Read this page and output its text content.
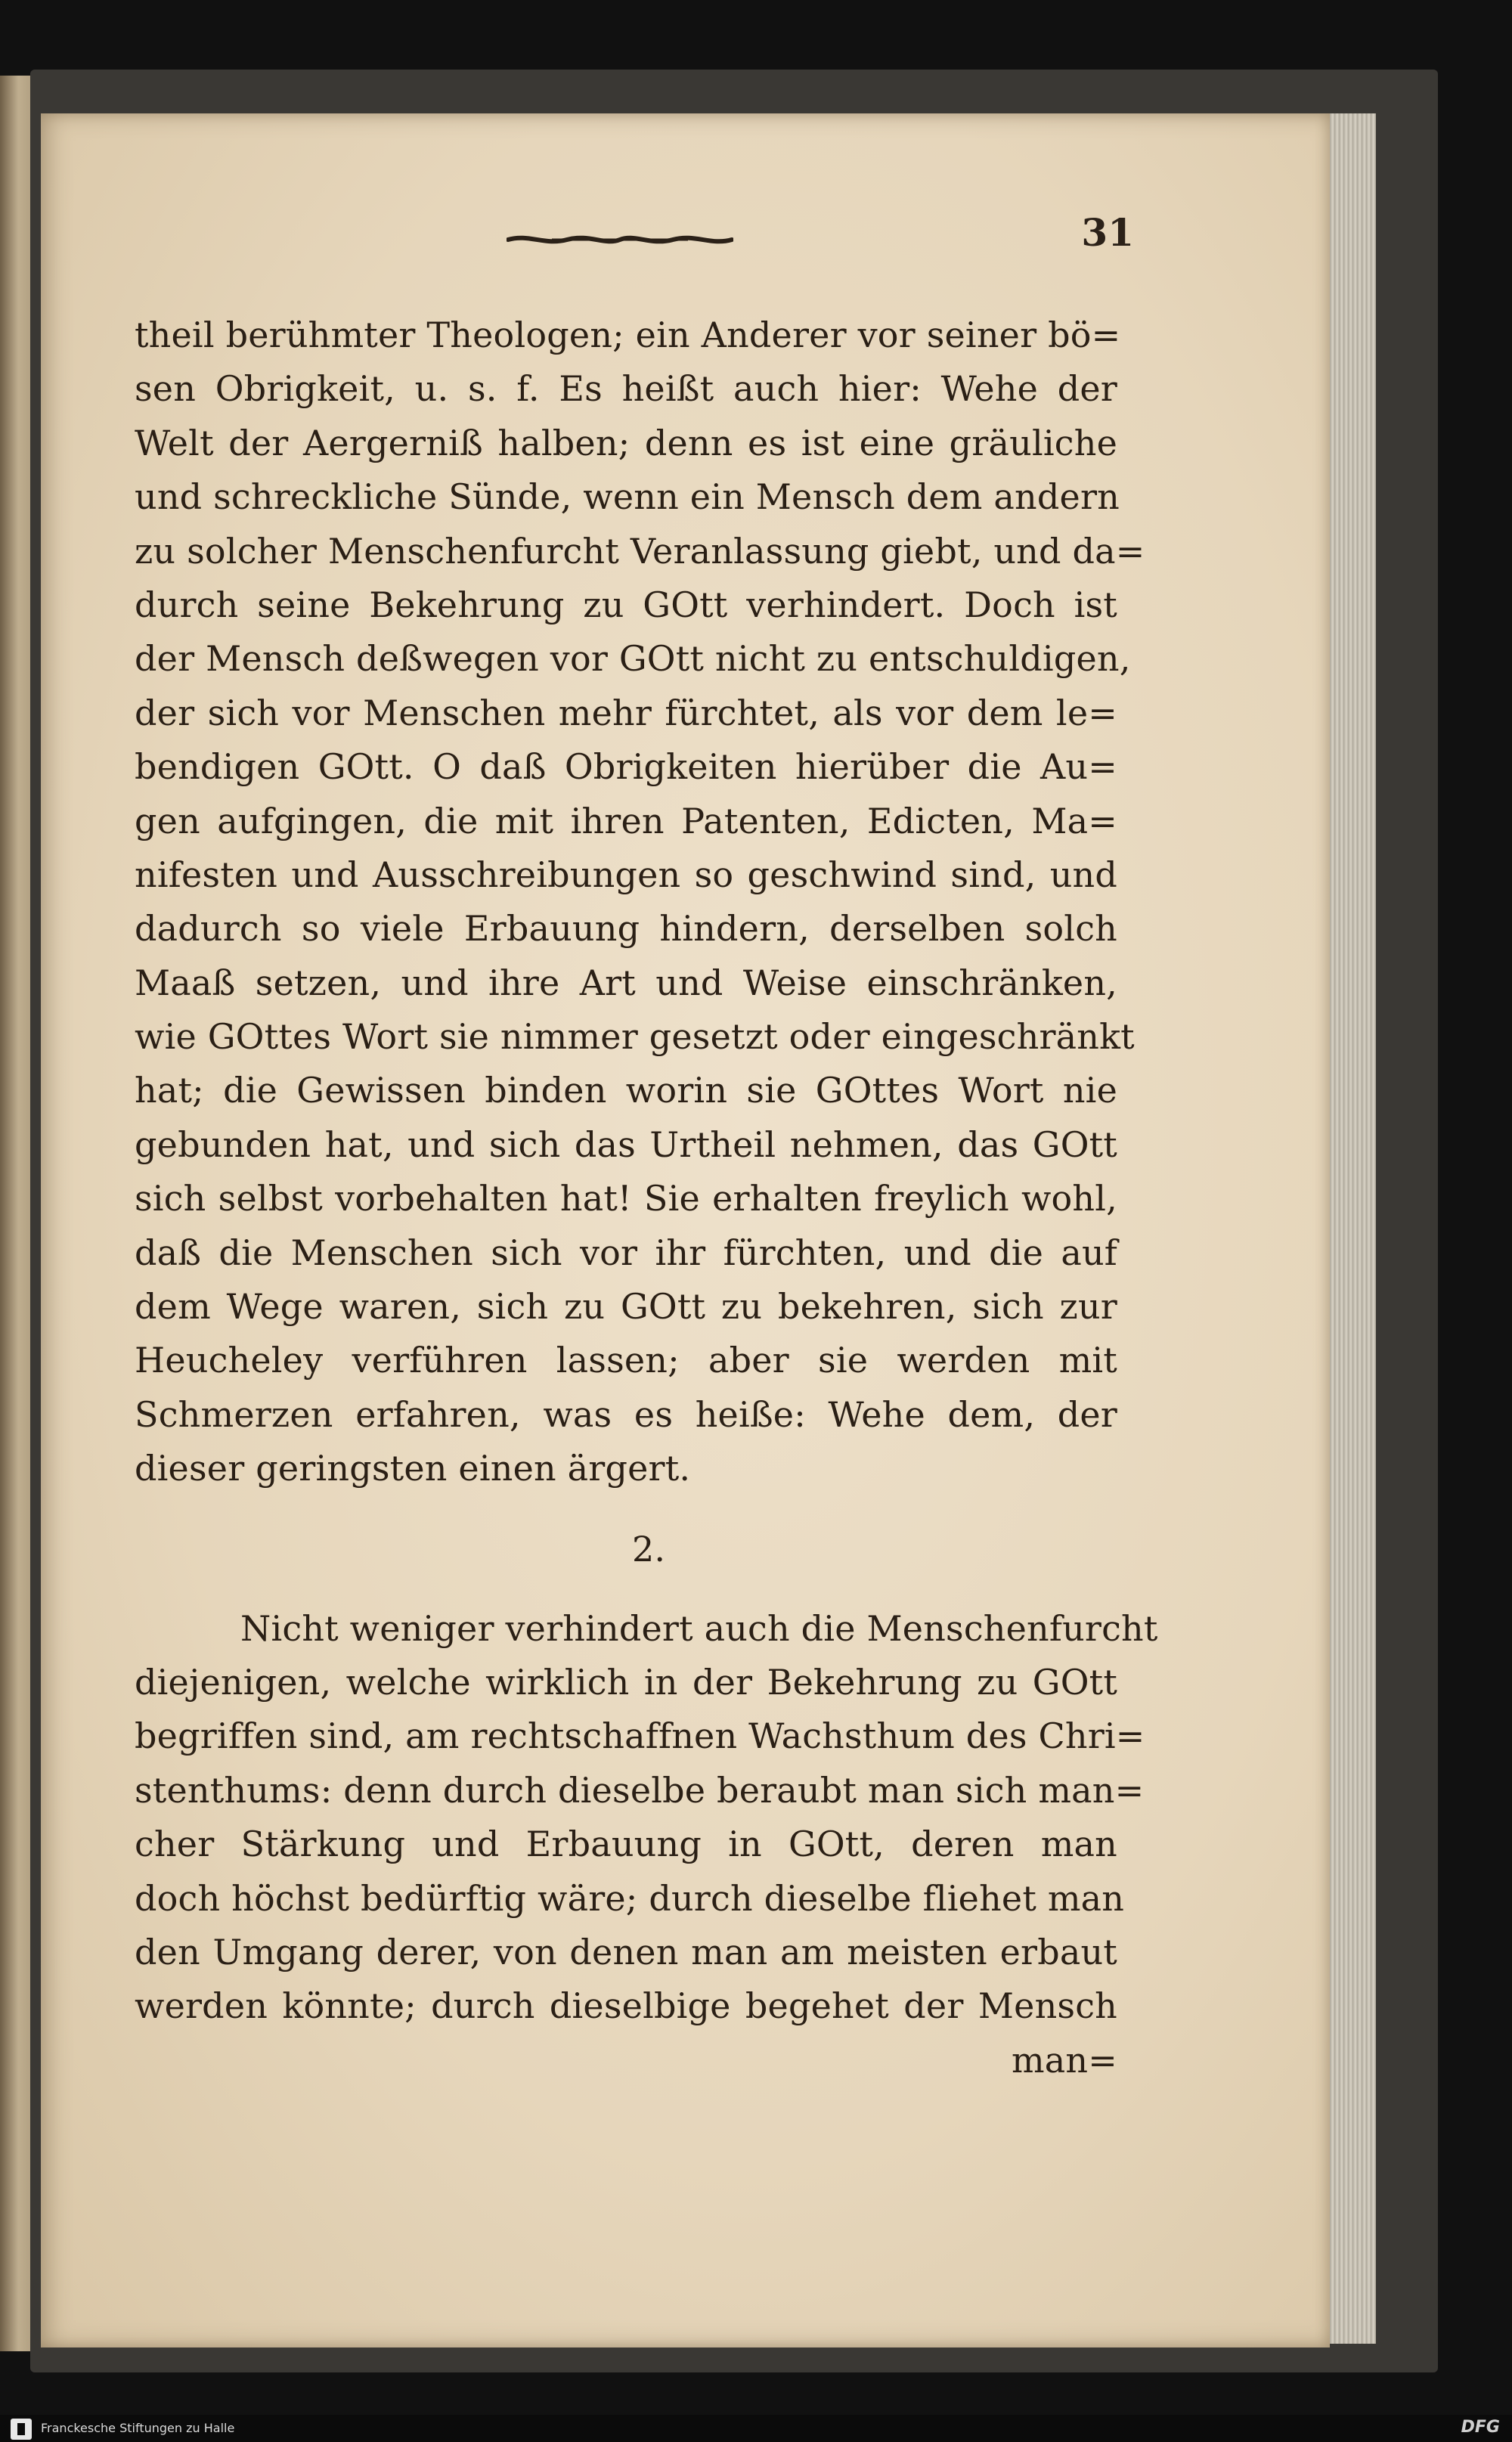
31
theil berühmter Theologen; ein Anderer vor seiner bö=
sen Obrigkeit, u. s. f. Es heißt auch hier: Wehe der
Welt der Aergerniß halben; denn es ist eine gräuliche
und schreckliche Sünde, wenn ein Mensch dem andern
zu solcher Menschenfurcht Veranlassung giebt, und da=
durch seine Bekehrung zu GOtt verhindert. Doch ist
der Mensch deßwegen vor GOtt nicht zu entschuldigen,
der sich vor Menschen mehr fürchtet, als vor dem le=
bendigen GOtt. O daß Obrigkeiten hierüber die Au=
gen aufgingen, die mit ihren Patenten, Edicten, Ma=
nifesten und Ausschreibungen so geschwind sind, und
dadurch so viele Erbauung hindern, derselben solch
Maaß setzen, und ihre Art und Weise einschränken,
wie GOttes Wort sie nimmer gesetzt oder eingeschränkt
hat; die Gewissen binden worin sie GOttes Wort nie
gebunden hat, und sich das Urtheil nehmen, das GOtt
sich selbst vorbehalten hat! Sie erhalten freylich wohl,
daß die Menschen sich vor ihr fürchten, und die auf
dem Wege waren, sich zu GOtt zu bekehren, sich zur
Heucheley verführen lassen; aber sie werden mit
Schmerzen erfahren, was es heiße: Wehe dem, der
dieser geringsten einen ärgert.
2.
Nicht weniger verhindert auch die Menschenfurcht
diejenigen, welche wirklich in der Bekehrung zu GOtt
begriffen sind, am rechtschaffnen Wachsthum des Chri=
stenthums: denn durch dieselbe beraubt man sich man=
cher Stärkung und Erbauung in GOtt, deren man
doch höchst bedürftig wäre; durch dieselbe fliehet man
den Umgang derer, von denen man am meisten erbaut
werden könnte; durch dieselbige begehet der Mensch
man=
Franckesche Stiftungen zu Halle	DFG
